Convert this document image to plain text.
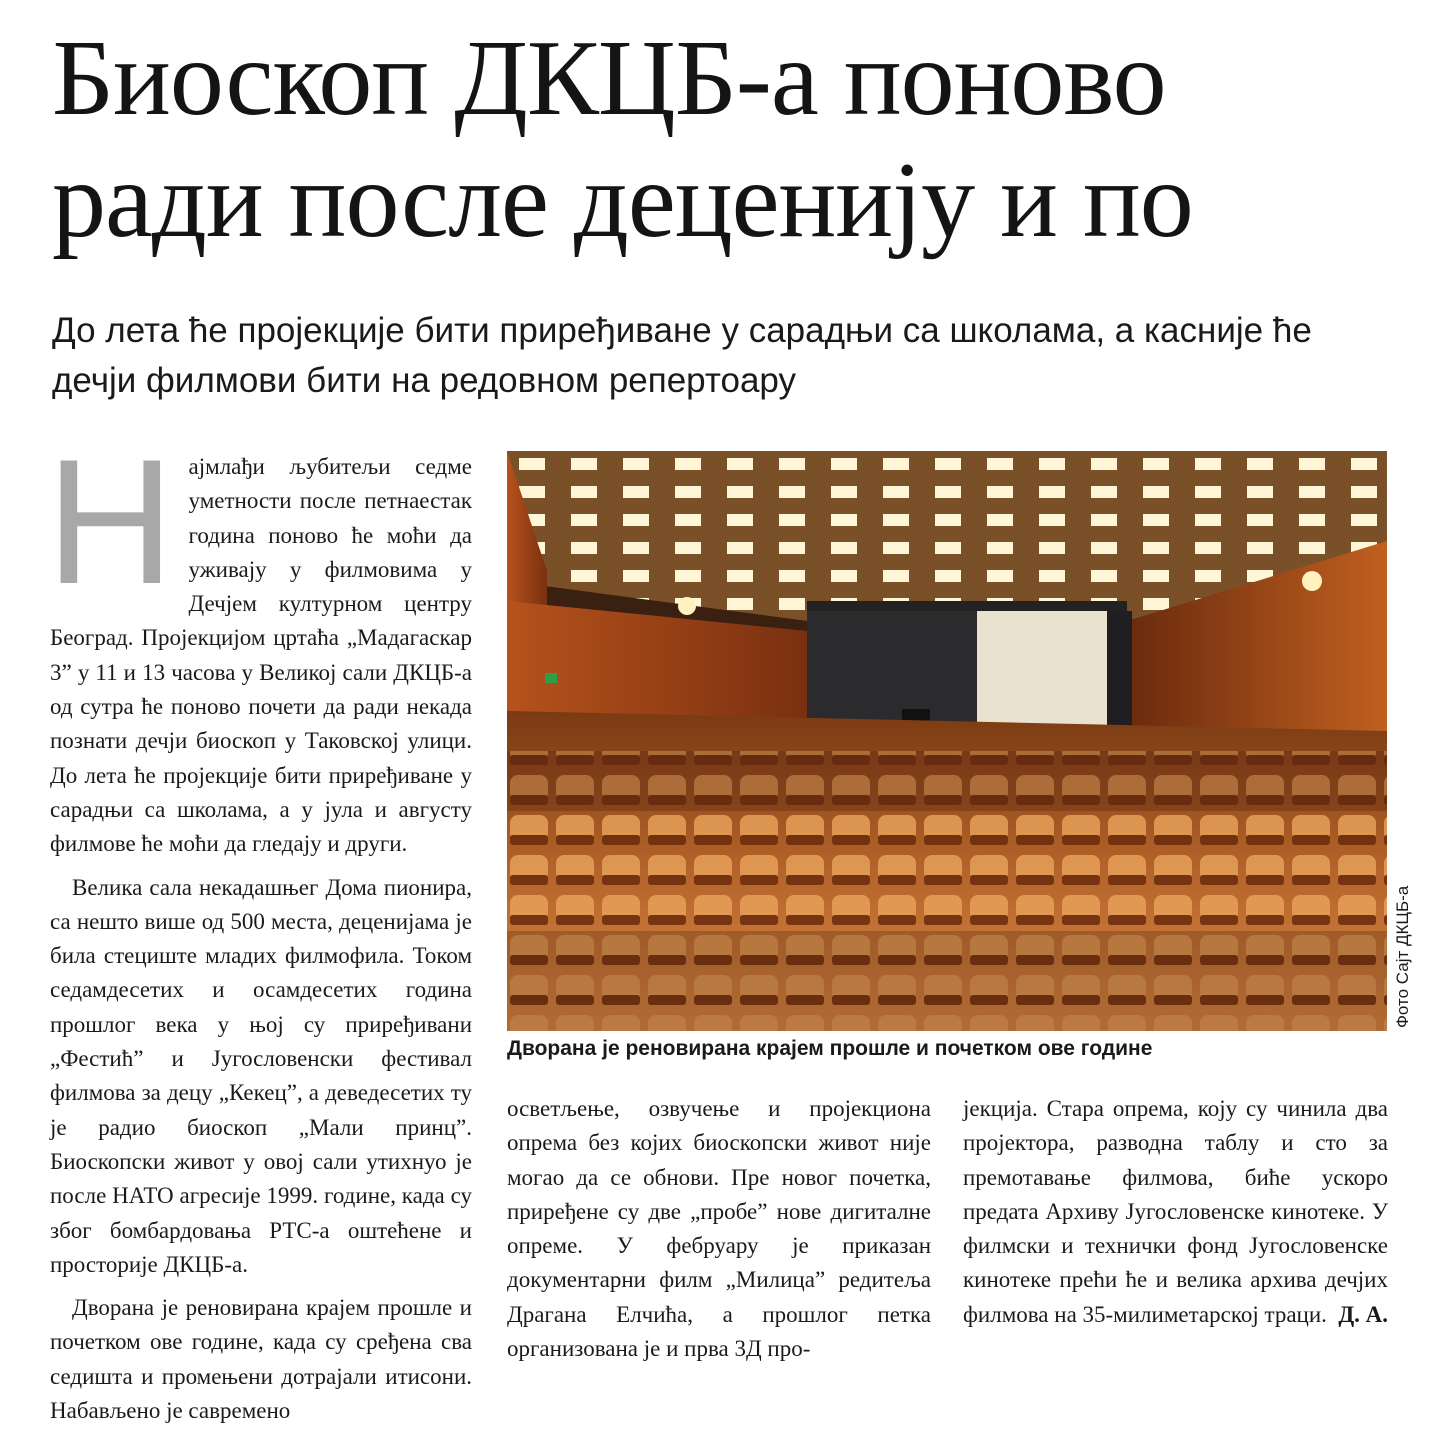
Биоскоп ДКЦБ-а поново ради после деценију и по
До лета ће пројекције бити приређиване у сарадњи са школама, а касније ће дечји филмови бити на редовном репертоару

Најмлађи љубитељи седме уметности после петнаестак година поново ће моћи да уживају у филмовима у Дечјем културном центру Београд. Пројекцијом цртаћа „Мадагаскар 3” у 11 и 13 часова у Великој сали ДКЦБ-а од сутра ће поново почети да ради некада познати дечји биоскоп у Таковској улици. До лета ће пројекције бити приређиване у сарадњи са школама, а у јула и августу филмове ће моћи да гледају и други.

Велика сала некадашњег Дома пионира, са нешто више од 500 места, деценијама је била стециште младих филмофила. Током седамдесетих и осамдесетих година прошлог века у њој су приређивани „Фестић” и Југословенски фестивал филмова за децу „Кекец”, а деведесетих ту је радио биоскоп „Мали принц”. Биоскопски живот у овој сали утихнуо је после НАТО агресије 1999. године, када су због бомбардовања РТС-а оштећене и просторије ДКЦБ-а.

Дворана је реновирана крајем прошле и почетком ове године, када су сређена сва седишта и промењени дотрајали итисони. Набављено је савремено

Фото Сајт ДКЦБ-а
Дворана је реновирана крајем прошле и почетком ове године

осветљење, озвучење и пројекциона опрема без којих биоскопски живот није могао да се обнови. Пре новог почетка, приређене су две „пробе” нове дигиталне опреме. У фебруару је приказан документарни филм „Милица” редитеља Драгана Елчића, а прошлог петка организована је и прва 3Д про-

јекција. Стара опрема, коју су чинила два пројектора, разводна таблу и сто за премотавање филмова, биће ускоро предата Архиву Југословенске кинотеке. У филмски и технички фонд Југословенске кинотеке прећи ће и велика архива дечјих филмова на 35-милиметарској траци. Д. А.
